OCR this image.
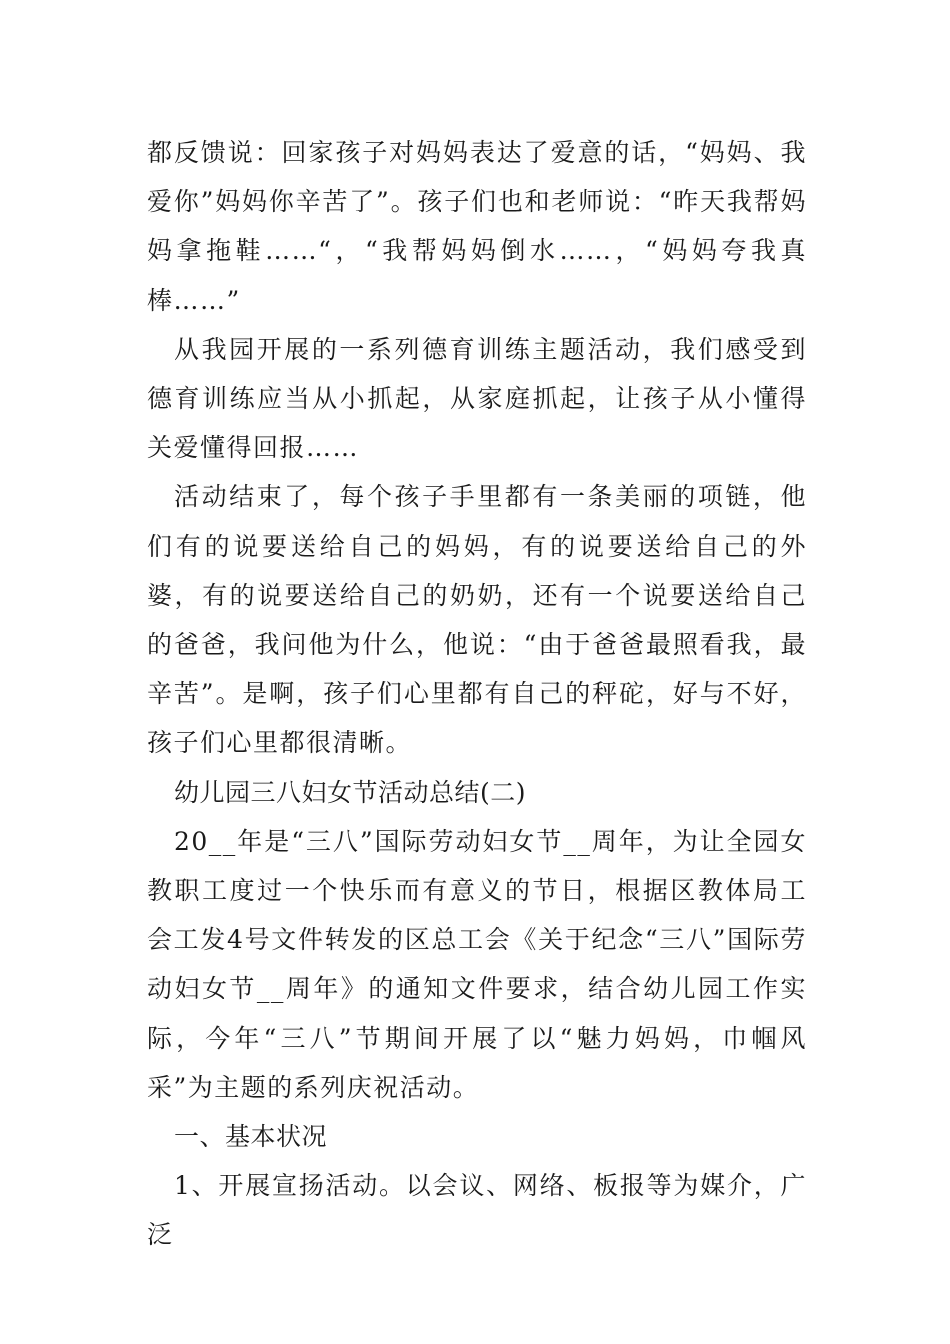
都反馈说：回家孩子对妈妈表达了爱意的话，“妈妈、我爱你”妈妈你辛苦了”。孩子们也和老师说：“昨天我帮妈妈拿拖鞋……“，“我帮妈妈倒水……，“妈妈夸我真棒……”

从我园开展的一系列德育训练主题活动，我们感受到德育训练应当从小抓起，从家庭抓起，让孩子从小懂得关爱懂得回报……

活动结束了，每个孩子手里都有一条美丽的项链，他们有的说要送给自己的妈妈，有的说要送给自己的外婆，有的说要送给自己的奶奶，还有一个说要送给自己的爸爸，我问他为什么，他说：“由于爸爸最照看我，最辛苦”。是啊，孩子们心里都有自己的秤砣，好与不好，孩子们心里都很清晰。

幼儿园三八妇女节活动总结(二)

20__年是“三八”国际劳动妇女节__周年，为让全园女教职工度过一个快乐而有意义的节日，根据区教体局工会工发4号文件转发的区总工会《关于纪念“三八”国际劳动妇女节__周年》的通知文件要求，结合幼儿园工作实际，今年“三八”节期间开展了以“魅力妈妈，巾帼风采”为主题的系列庆祝活动。

一、基本状况

1、开展宣扬活动。以会议、网络、板报等为媒介，广泛
